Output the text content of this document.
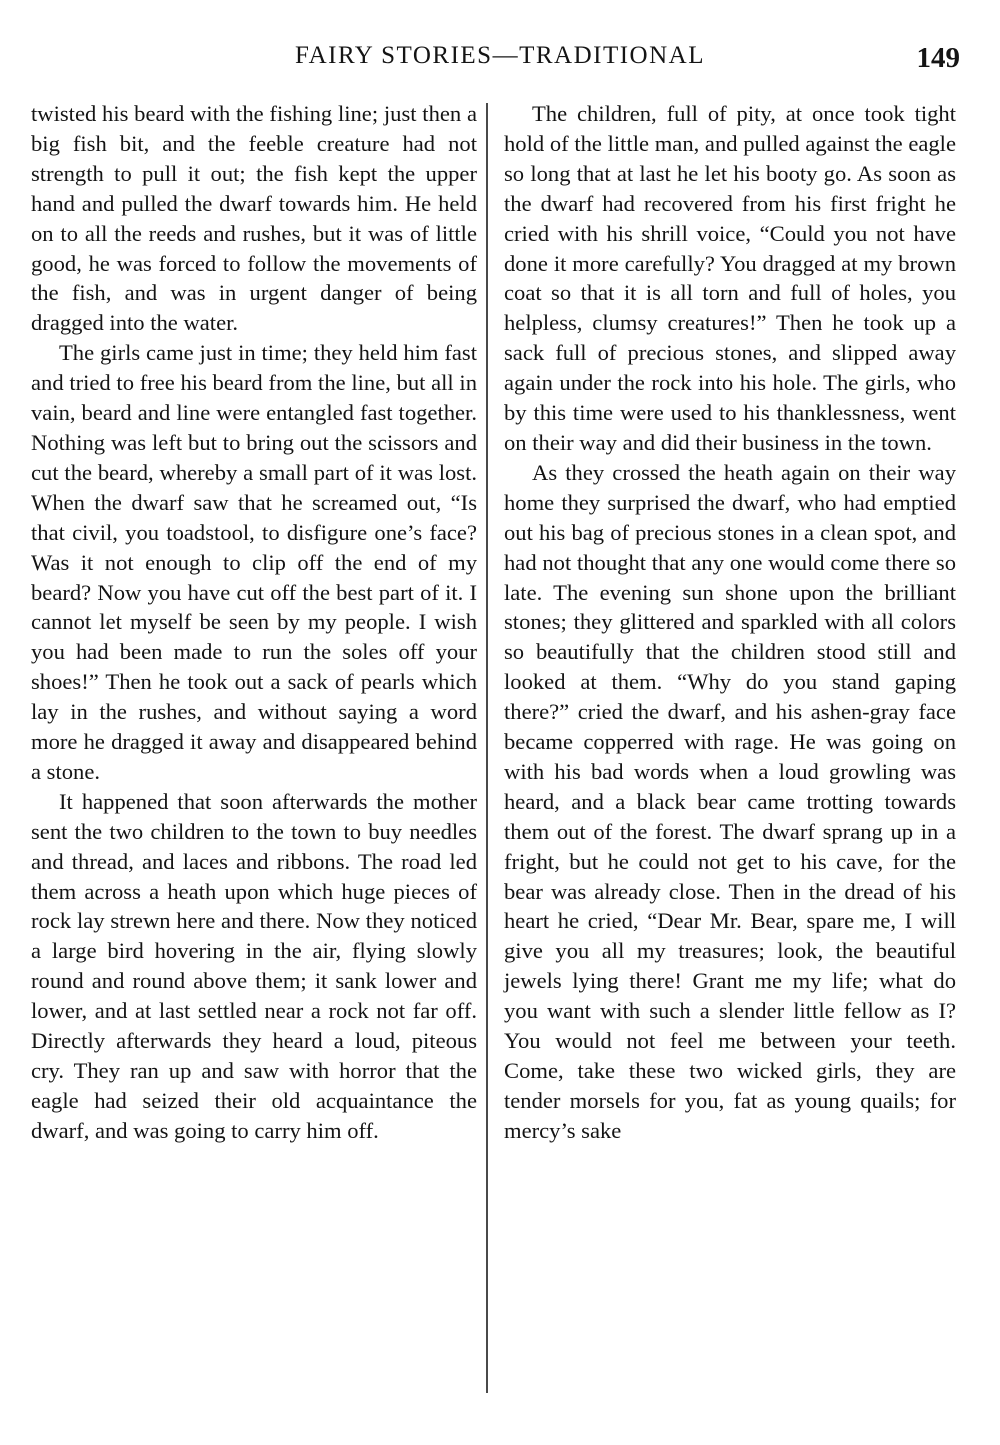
FAIRY STORIES—TRADITIONAL	149

twisted his beard with the fishing line; just then a big fish bit, and the feeble creature had not strength to pull it out; the fish kept the upper hand and pulled the dwarf towards him. He held on to all the reeds and rushes, but it was of little good, he was forced to follow the movements of the fish, and was in urgent danger of being dragged into the water.

The girls came just in time; they held him fast and tried to free his beard from the line, but all in vain, beard and line were entangled fast together. Nothing was left but to bring out the scissors and cut the beard, whereby a small part of it was lost. When the dwarf saw that he screamed out, “Is that civil, you toadstool, to disfigure one’s face? Was it not enough to clip off the end of my beard? Now you have cut off the best part of it. I cannot let myself be seen by my people. I wish you had been made to run the soles off your shoes!” Then he took out a sack of pearls which lay in the rushes, and without saying a word more he dragged it away and disappeared behind a stone.

It happened that soon afterwards the mother sent the two children to the town to buy needles and thread, and laces and ribbons. The road led them across a heath upon which huge pieces of rock lay strewn here and there. Now they noticed a large bird hovering in the air, flying slowly round and round above them; it sank lower and lower, and at last settled near a rock not far off. Directly afterwards they heard a loud, piteous cry. They ran up and saw with horror that the eagle had seized their old acquaintance the dwarf, and was going to carry him off.

The children, full of pity, at once took tight hold of the little man, and pulled against the eagle so long that at last he let his booty go. As soon as the dwarf had recovered from his first fright he cried with his shrill voice, “Could you not have done it more carefully? You dragged at my brown coat so that it is all torn and full of holes, you helpless, clumsy creatures!” Then he took up a sack full of precious stones, and slipped away again under the rock into his hole. The girls, who by this time were used to his thanklessness, went on their way and did their business in the town.

As they crossed the heath again on their way home they surprised the dwarf, who had emptied out his bag of precious stones in a clean spot, and had not thought that any one would come there so late. The evening sun shone upon the brilliant stones; they glittered and sparkled with all colors so beautifully that the children stood still and looked at them. “Why do you stand gaping there?” cried the dwarf, and his ashen-gray face became copperred with rage. He was going on with his bad words when a loud growling was heard, and a black bear came trotting towards them out of the forest. The dwarf sprang up in a fright, but he could not get to his cave, for the bear was already close. Then in the dread of his heart he cried, “Dear Mr. Bear, spare me, I will give you all my treasures; look, the beautiful jewels lying there! Grant me my life; what do you want with such a slender little fellow as I? You would not feel me between your teeth. Come, take these two wicked girls, they are tender morsels for you, fat as young quails; for mercy’s sake
